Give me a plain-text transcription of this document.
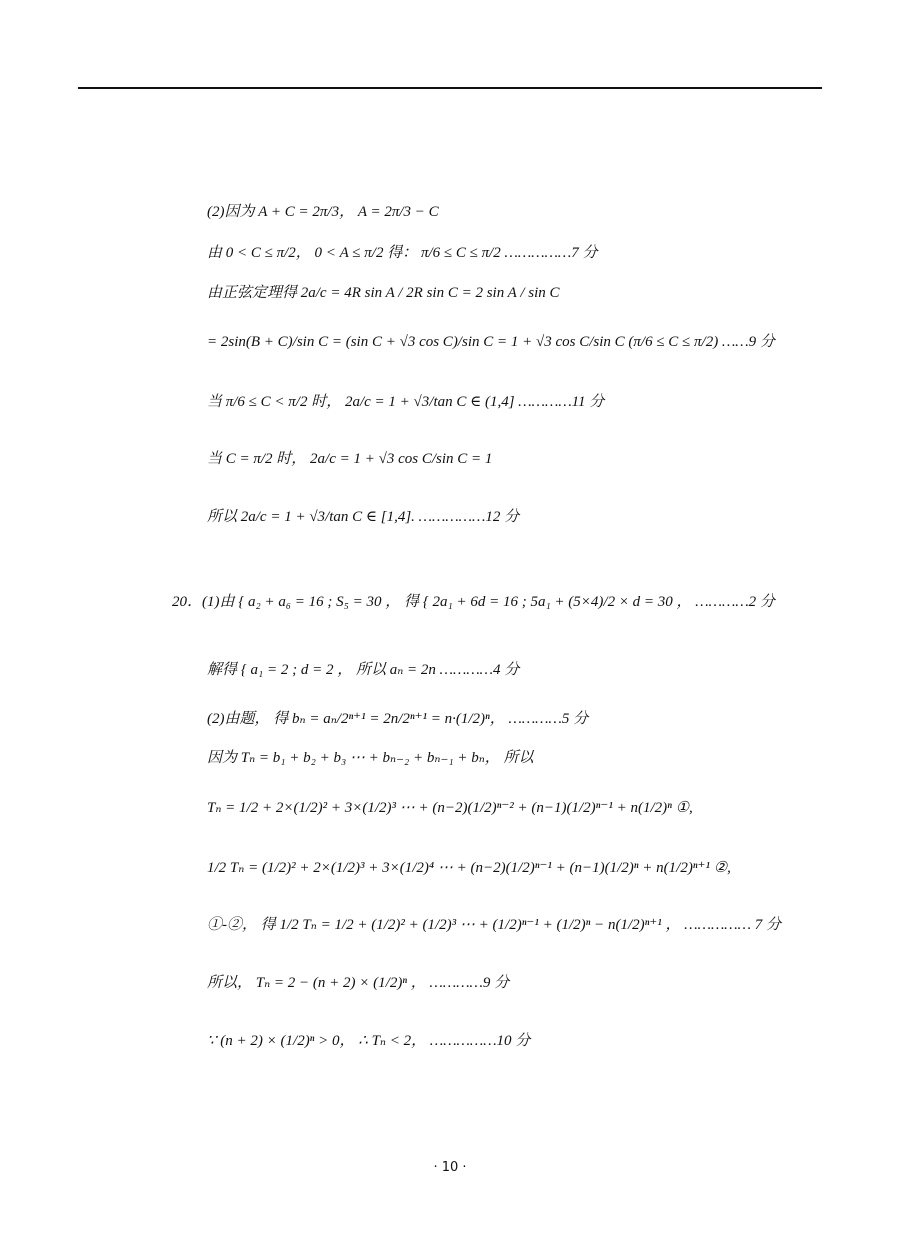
(2)因为 A + C = 2π/3， A = 2π/3 − C
由 0 < C ≤ π/2， 0 < A ≤ π/2 得： π/6 ≤ C ≤ π/2 ……………7 分
由正弦定理得 2a/c = 4R sin A / 2R sin C = 2 sin A / sin C
= 2sin(B + C)/sin C = (sin C + √3 cos C)/sin C = 1 + √3 cos C/sin C (π/6 ≤ C ≤ π/2) ……9 分
当 π/6 ≤ C < π/2 时， 2a/c = 1 + √3/tan C ∈ (1,4] …………11 分
当 C = π/2 时， 2a/c = 1 + √3 cos C/sin C = 1
所以 2a/c = 1 + √3/tan C ∈ [1,4]. ……………12 分
20．(1)由 { a₂ + a₆ = 16 ; S₅ = 30 ， 得 { 2a₁ + 6d = 16 ; 5a₁ + (5×4)/2 × d = 30 ， …………2 分
解得 { a₁ = 2 ; d = 2 ， 所以 aₙ = 2n …………4 分
(2)由题， 得 bₙ = aₙ/2ⁿ⁺¹ = 2n/2ⁿ⁺¹ = n·(1/2)ⁿ， …………5 分
因为 Tₙ = b₁ + b₂ + b₃ ⋯ + bₙ₋₂ + bₙ₋₁ + bₙ， 所以
Tₙ = 1/2 + 2×(1/2)² + 3×(1/2)³ ⋯ + (n−2)(1/2)ⁿ⁻² + (n−1)(1/2)ⁿ⁻¹ + n(1/2)ⁿ ①,
1/2 Tₙ = (1/2)² + 2×(1/2)³ + 3×(1/2)⁴ ⋯ + (n−2)(1/2)ⁿ⁻¹ + (n−1)(1/2)ⁿ + n(1/2)ⁿ⁺¹ ②,
①-②， 得 1/2 Tₙ = 1/2 + (1/2)² + (1/2)³ ⋯ + (1/2)ⁿ⁻¹ + (1/2)ⁿ − n(1/2)ⁿ⁺¹ ， …………… 7 分
所以， Tₙ = 2 − (n + 2) × (1/2)ⁿ ， …………9 分
∵ (n + 2) × (1/2)ⁿ > 0， ∴ Tₙ < 2， ……………10 分
· 10 ·
